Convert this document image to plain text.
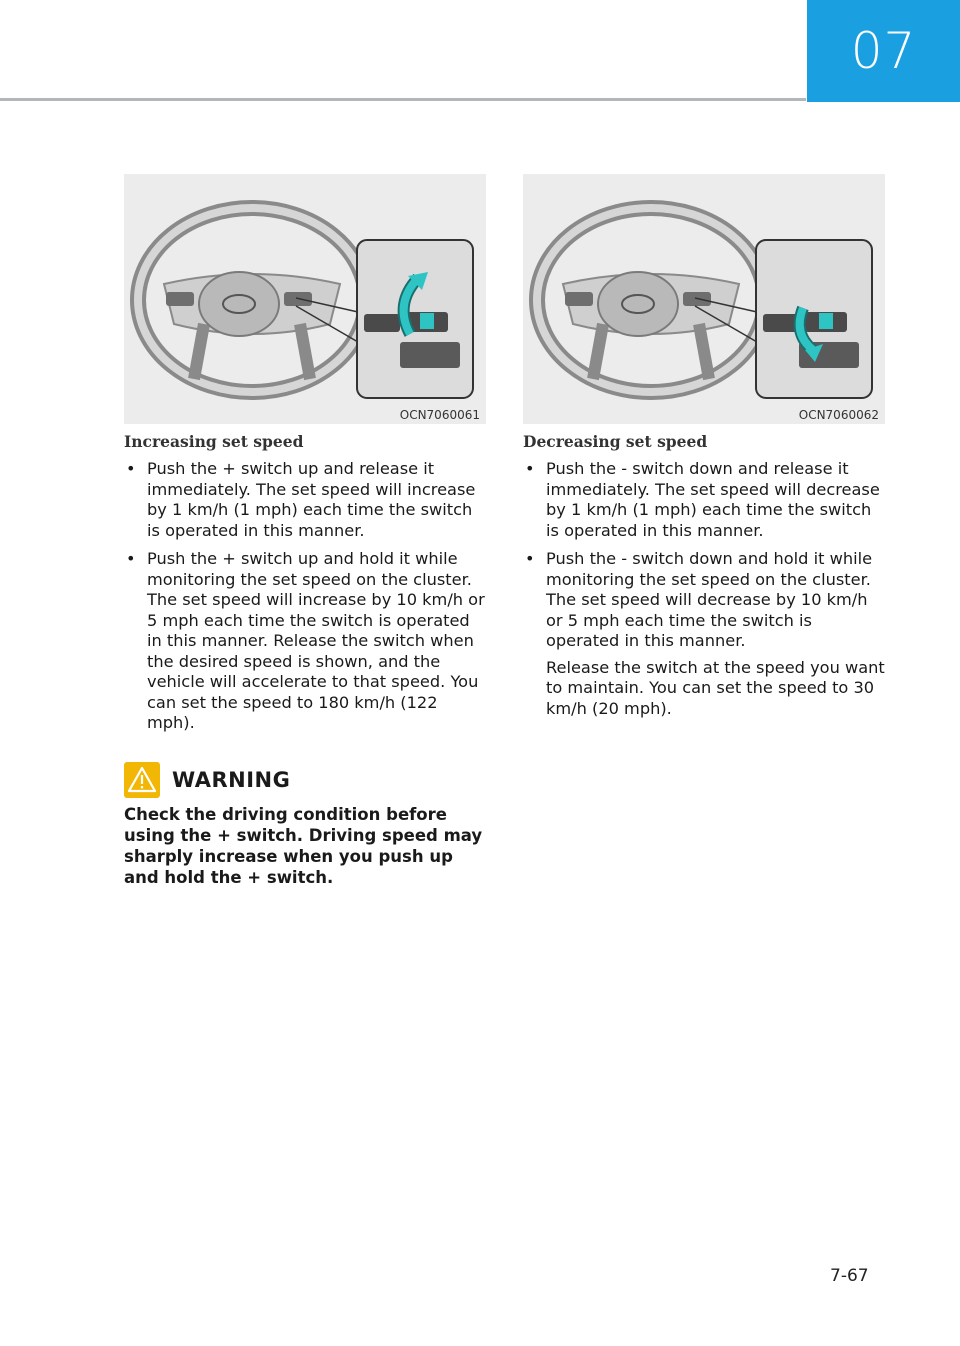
07
OCN7060061	OCN7060062
Increasing set speed
• Push the + switch up and release it immediately. The set speed will increase by 1 km/h (1 mph) each time the switch is operated in this manner.
• Push the + switch up and hold it while monitoring the set speed on the cluster. The set speed will increase by 10 km/h or 5 mph each time the switch is operated in this manner. Release the switch when the desired speed is shown, and the vehicle will accelerate to that speed. You can set the speed to 180 km/h (122 mph).
WARNING
Check the driving condition before using the + switch. Driving speed may sharply increase when you push up and hold the + switch.
Decreasing set speed
• Push the - switch down and release it immediately. The set speed will decrease by 1 km/h (1 mph) each time the switch is operated in this manner.
• Push the - switch down and hold it while monitoring the set speed on the cluster. The set speed will decrease by 10 km/h or 5 mph each time the switch is operated in this manner.
Release the switch at the speed you want to maintain. You can set the speed to 30 km/h (20 mph).
7-67
